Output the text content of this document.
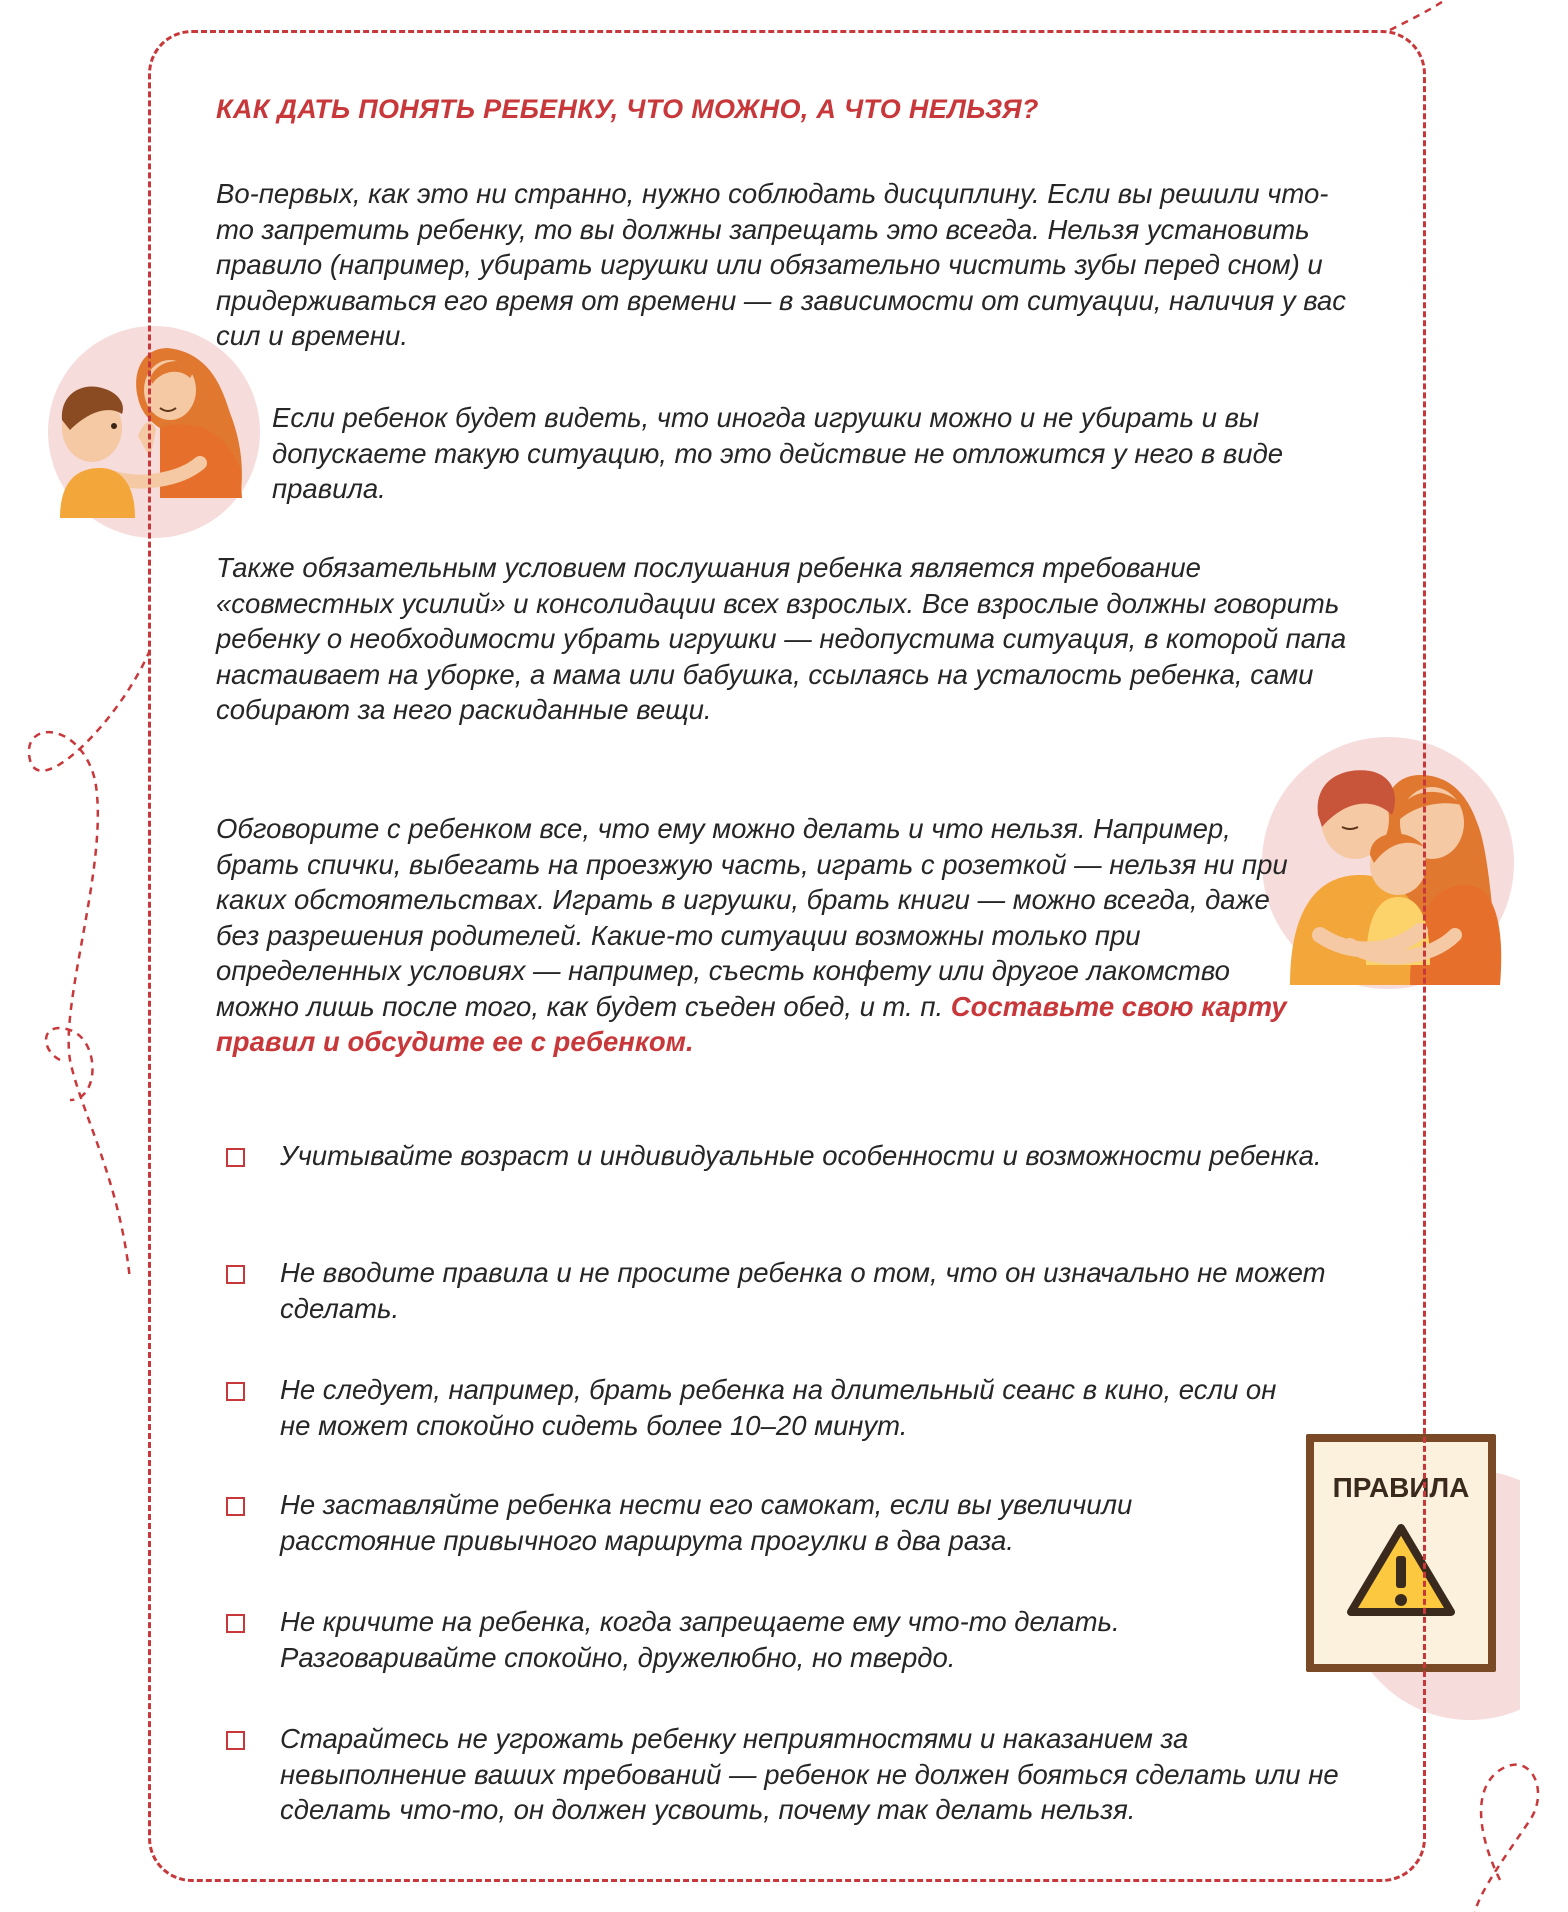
ПРАВИЛА
КАК ДАТЬ ПОНЯТЬ РЕБЕНКУ, ЧТО МОЖНО, А ЧТО НЕЛЬЗЯ?

Во-первых, как это ни странно, нужно соблюдать дисциплину. Если вы решили что-то запретить ребенку, то вы должны запрещать это всегда. Нельзя установить правило (например, убирать игрушки или обязательно чистить зубы перед сном) и придерживаться его время от времени — в зависимости от ситуации, наличия у вас сил и времени.

Если ребенок будет видеть, что иногда игрушки можно и не убирать и вы допускаете такую ситуацию, то это действие не отложится у него в виде правила.

Также обязательным условием послушания ребенка является требование «совместных усилий» и консолидации всех взрослых. Все взрослые должны говорить ребенку о необходимости убрать игрушки — недопустима ситуация, в которой папа настаивает на уборке, а мама или бабушка, ссылаясь на усталость ребенка, сами собирают за него раскиданные вещи.

Обговорите с ребенком все, что ему можно делать и что нельзя. Например, брать спички, выбегать на проезжую часть, играть с розеткой — нельзя ни при каких обстоятельствах. Играть в игрушки, брать книги — можно всегда, даже без разрешения родителей. Какие-то ситуации возможны только при определенных условиях — например, съесть конфету или другое лакомство можно лишь после того, как будет съеден обед, и т. п. Составьте свою карту правил и обсудите ее с ребенком.

Учитывайте возраст и индивидуальные особенности и возможности ребенка.

Не вводите правила и не просите ребенка о том, что он изначально не может сделать.

Не следует, например, брать ребенка на длительный сеанс в кино, если он не может спокойно сидеть более 10–20 минут.

Не заставляйте ребенка нести его самокат, если вы увеличили расстояние привычного маршрута прогулки в два раза.

Не кричите на ребенка, когда запрещаете ему что-то делать. Разговаривайте спокойно, дружелюбно, но твердо.

Старайтесь не угрожать ребенку неприятностями и наказанием за невыполнение ваших требований — ребенок не должен бояться сделать или не сделать что-то, он должен усвоить, почему так делать нельзя.
